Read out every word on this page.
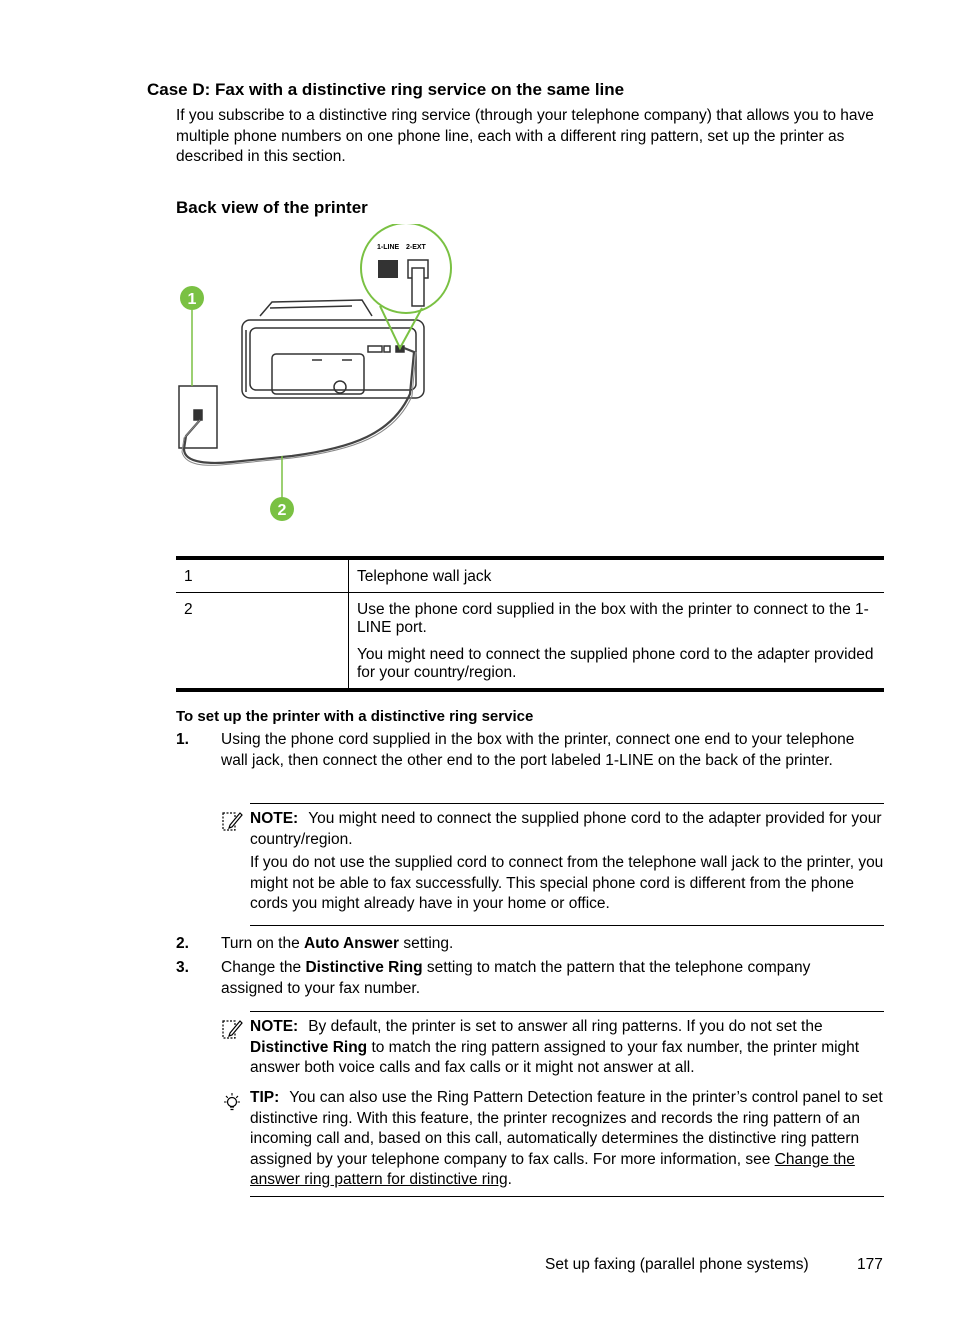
Case D: Fax with a distinctive ring service on the same line
If you subscribe to a distinctive ring service (through your telephone company) that allows you to have multiple phone numbers on one phone line, each with a different ring pattern, set up the printer as described in this section.
Back view of the printer
1-LINE 2-EXT
1
2
1	Telephone wall jack
2	Use the phone cord supplied in the box with the printer to connect to the 1-LINE port.

You might need to connect the supplied phone cord to the adapter provided for your country/region.

To set up the printer with a distinctive ring service
1. Using the phone cord supplied in the box with the printer, connect one end to your telephone wall jack, then connect the other end to the port labeled 1-LINE on the back of the printer.

NOTE: You might need to connect the supplied phone cord to the adapter provided for your country/region.

If you do not use the supplied cord to connect from the telephone wall jack to the printer, you might not be able to fax successfully. This special phone cord is different from the phone cords you might already have in your home or office.

2. Turn on the Auto Answer setting.
3. Change the Distinctive Ring setting to match the pattern that the telephone company assigned to your fax number.

NOTE: By default, the printer is set to answer all ring patterns. If you do not set the Distinctive Ring to match the ring pattern assigned to your fax number, the printer might answer both voice calls and fax calls or it might not answer at all.

TIP: You can also use the Ring Pattern Detection feature in the printer’s control panel to set distinctive ring. With this feature, the printer recognizes and records the ring pattern of an incoming call and, based on this call, automatically determines the distinctive ring pattern assigned by your telephone company to fax calls. For more information, see Change the answer ring pattern for distinctive ring.

Set up faxing (parallel phone systems)	177
